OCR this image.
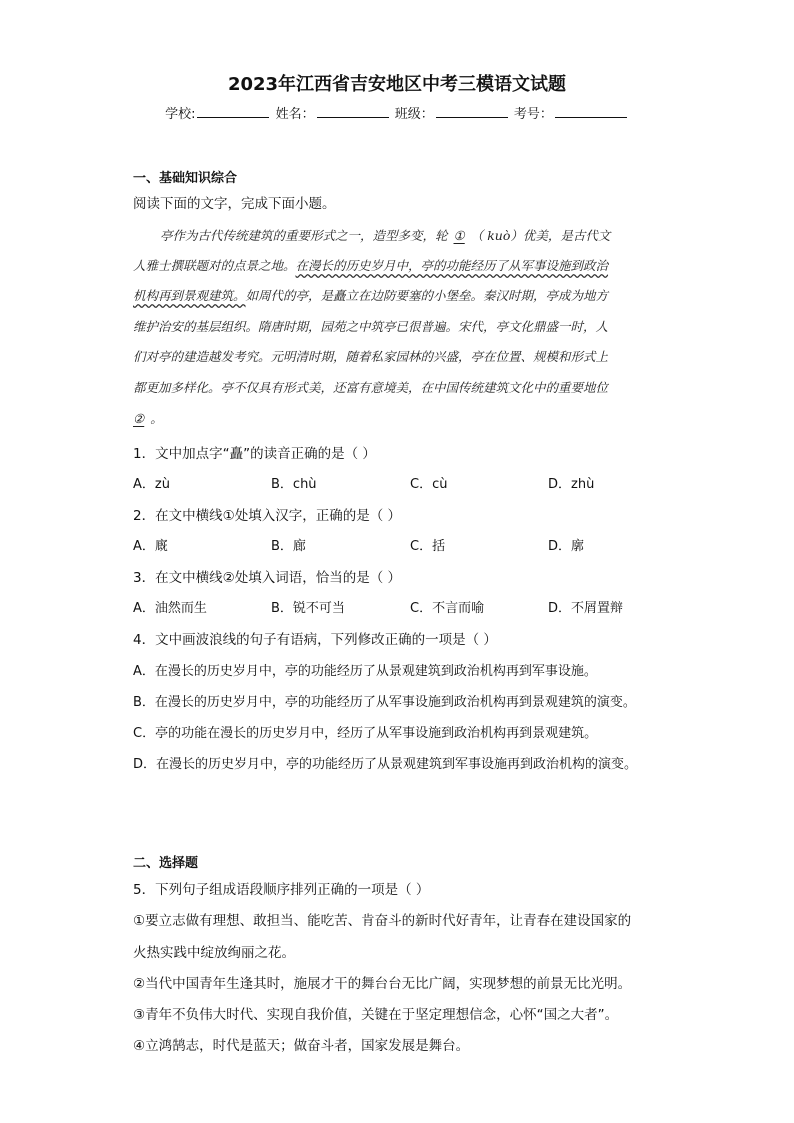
2023年江西省吉安地区中考三模语文试题
学校:	姓名：	班级：	考号：
一、基础知识综合
阅读下面的文字，完成下面小题。
亭作为古代传统建筑的重要形式之一，造型多变，轮 ① （ kuò）优美，是古代文
人雅士撰联题对的点景之地。在漫长的历史岁月中，亭的功能经历了从军事设施到政治
机构再到景观建筑。如周代的亭，是矗立在边防要塞的小堡垒。秦汉时期，亭成为地方
维护治安的基层组织。隋唐时期，园苑之中筑亭已很普遍。宋代，亭文化鼎盛一时，人
们对亭的建造越发考究。元明清时期，随着私家园林的兴盛，亭在位置、规模和形式上
都更加多样化。亭不仅具有形式美，还富有意境美，在中国传统建筑文化中的重要地位
② 。
1．文中加点字“矗”的读音正确的是（ ）
A．zù	B．chù	C．cù	D．zhù
2．在文中横线①处填入汉字，正确的是（ ）
A．廐	B．廊	C．括	D．廓
3．在文中横线②处填入词语，恰当的是（ ）
A．油然而生	B．锐不可当	C．不言而喻	D．不屑置辩
4．文中画波浪线的句子有语病，下列修改正确的一项是（ ）
A．在漫长的历史岁月中，亭的功能经历了从景观建筑到政治机构再到军事设施。
B．在漫长的历史岁月中，亭的功能经历了从军事设施到政治机构再到景观建筑的演变。
C．亭的功能在漫长的历史岁月中，经历了从军事设施到政治机构再到景观建筑。
D．在漫长的历史岁月中，亭的功能经历了从景观建筑到军事设施再到政治机构的演变。
二、选择题
5．下列句子组成语段顺序排列正确的一项是（ ）
①要立志做有理想、敢担当、能吃苦、肯奋斗的新时代好青年，让青春在建设国家的
火热实践中绽放绚丽之花。
②当代中国青年生逢其时，施展才干的舞台台无比广阔，实现梦想的前景无比光明。
③青年不负伟大时代、实现自我价值，关键在于坚定理想信念，心怀“国之大者”。
④立鸿鹄志，时代是蓝天；做奋斗者，国家发展是舞台。
